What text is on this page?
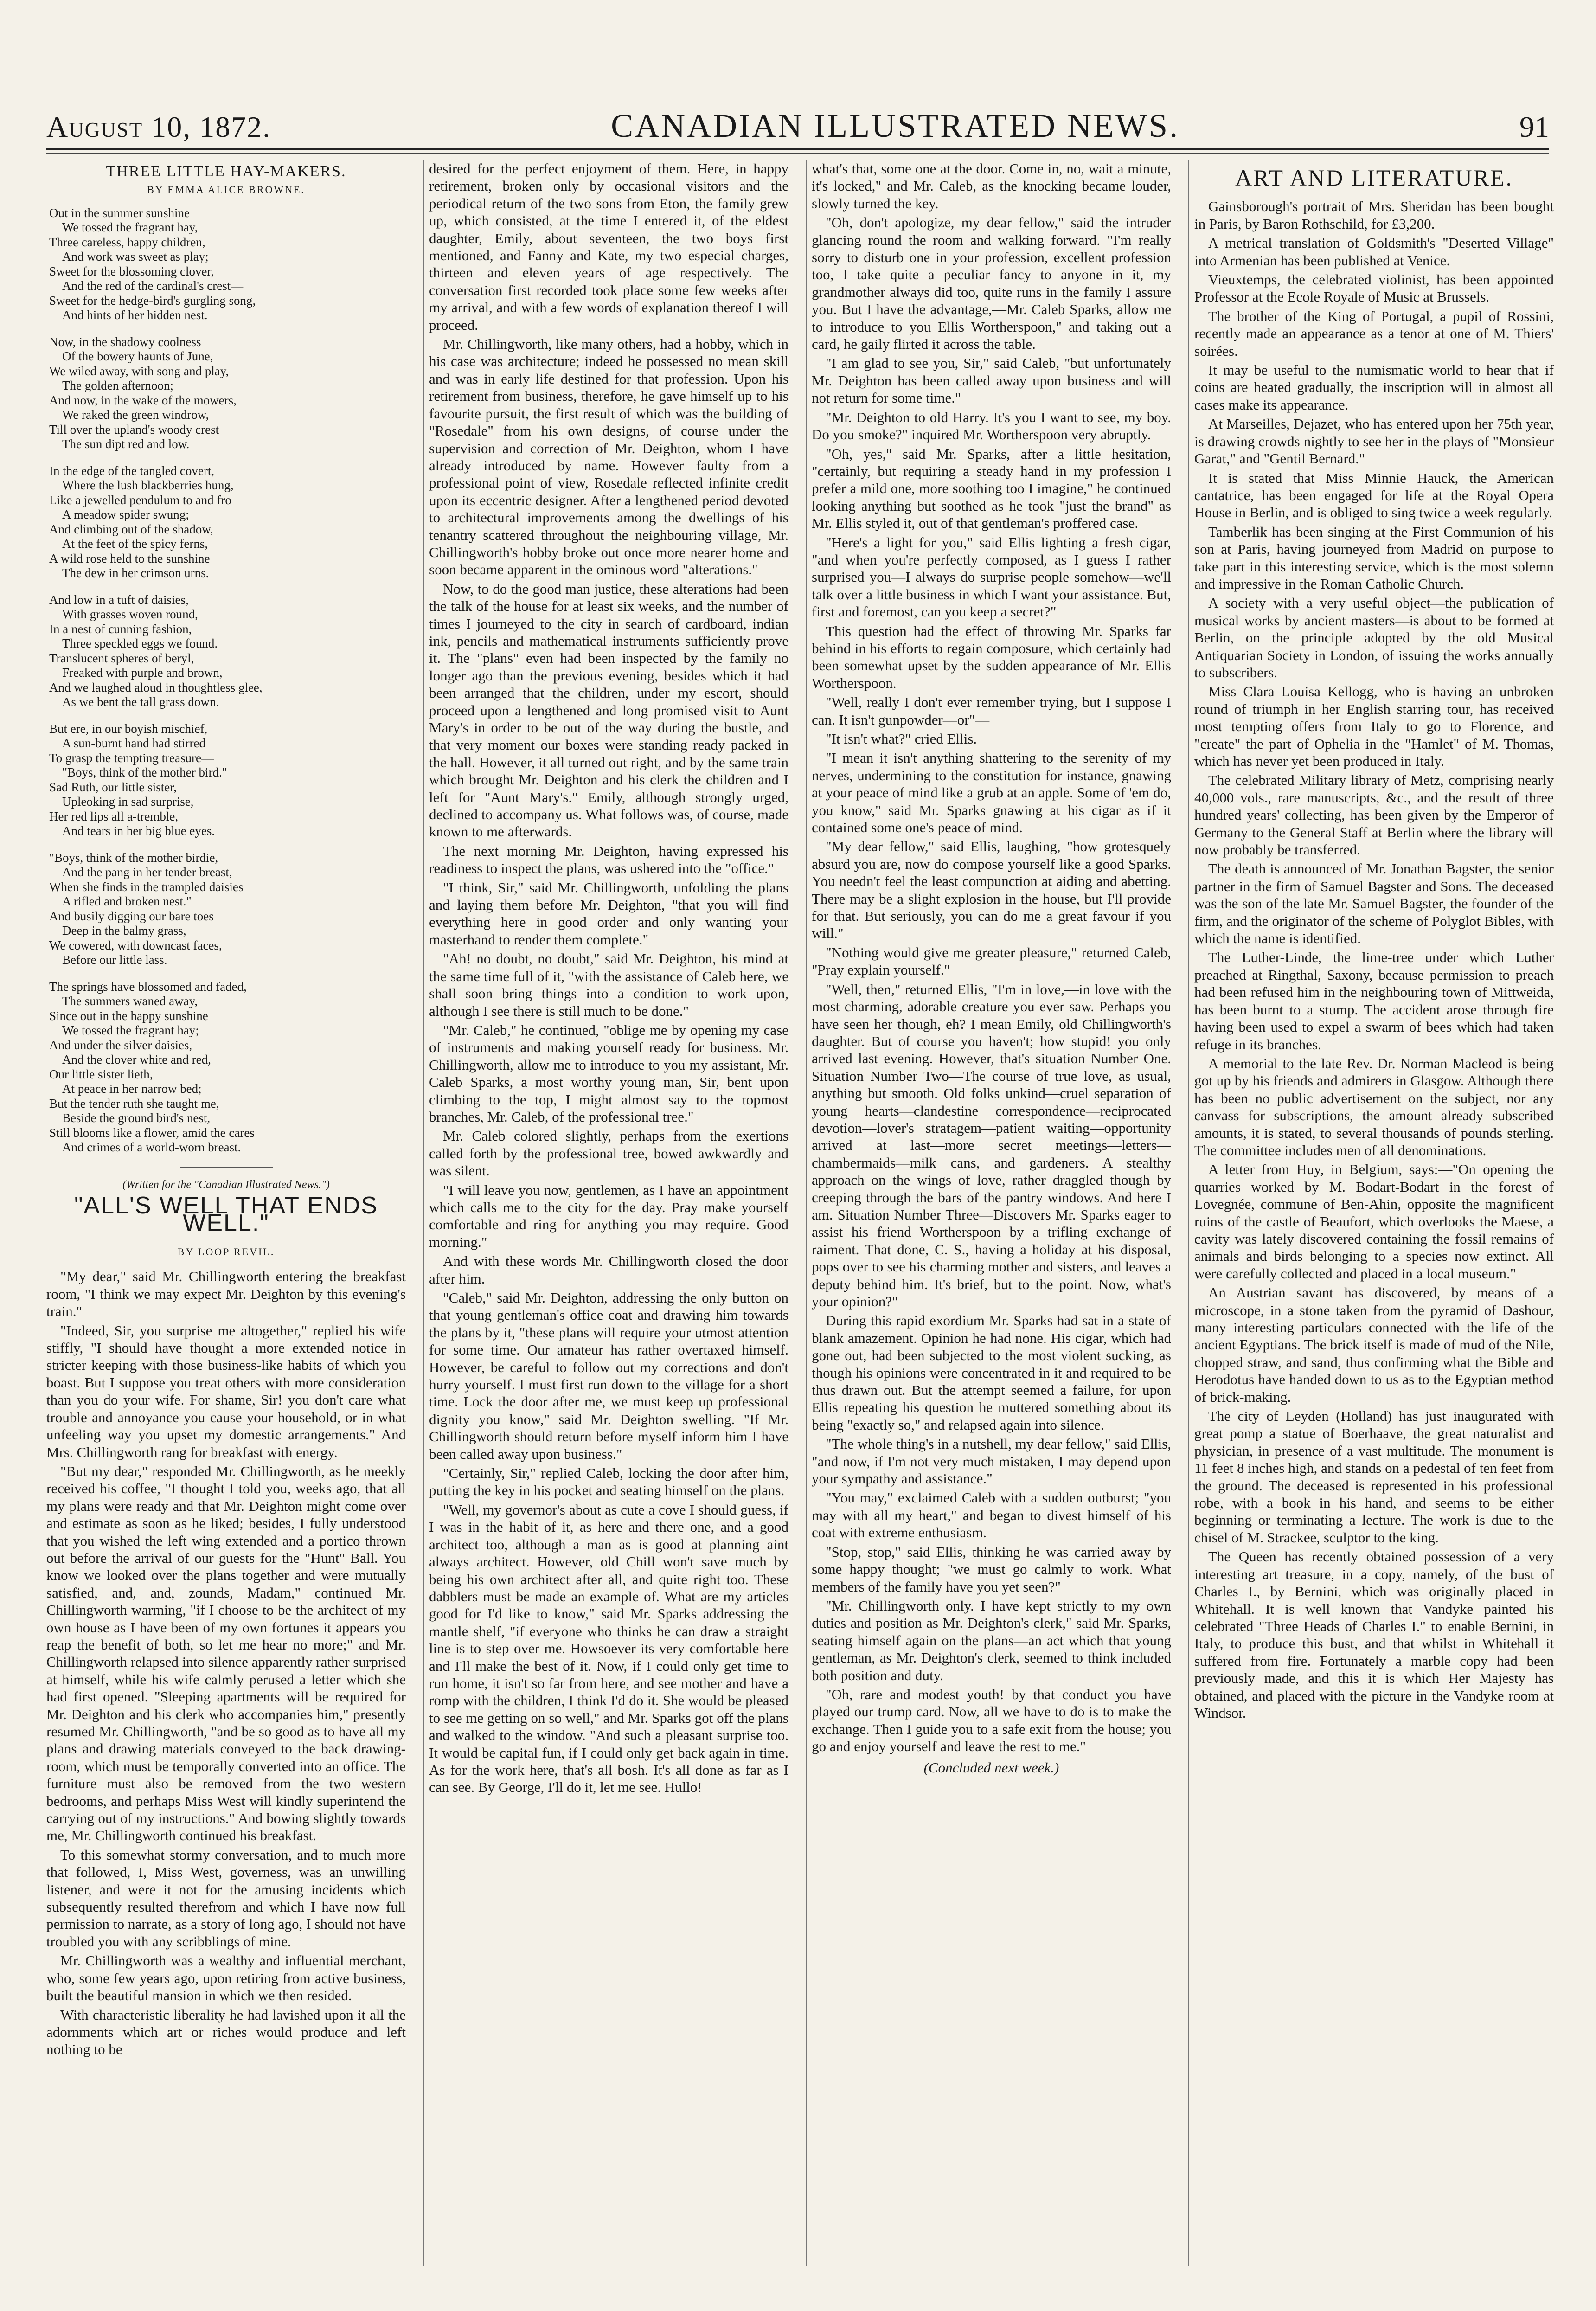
August 10, 1872.	CANADIAN ILLUSTRATED NEWS.	91
THREE LITTLE HAY-MAKERS.
BY EMMA ALICE BROWNE.
Out in the summer sunshine
We tossed the fragrant hay,
Three careless, happy children,
And work was sweet as play;
Sweet for the blossoming clover,
And the red of the cardinal's crest—
Sweet for the hedge-bird's gurgling song,
And hints of her hidden nest.
Now, in the shadowy coolness
Of the bowery haunts of June,
We wiled away, with song and play,
The golden afternoon;
And now, in the wake of the mowers,
We raked the green windrow,
Till over the upland's woody crest
The sun dipt red and low.
In the edge of the tangled covert,
Where the lush blackberries hung,
Like a jewelled pendulum to and fro
A meadow spider swung;
And climbing out of the shadow,
At the feet of the spicy ferns,
A wild rose held to the sunshine
The dew in her crimson urns.
And low in a tuft of daisies,
With grasses woven round,
In a nest of cunning fashion,
Three speckled eggs we found.
Translucent spheres of beryl,
Freaked with purple and brown,
And we laughed aloud in thoughtless glee,
As we bent the tall grass down.
But ere, in our boyish mischief,
A sun-burnt hand had stirred
To grasp the tempting treasure—
"Boys, think of the mother bird."
Sad Ruth, our little sister,
Upleoking in sad surprise,
Her red lips all a-tremble,
And tears in her big blue eyes.
"Boys, think of the mother birdie,
And the pang in her tender breast,
When she finds in the trampled daisies
A rifled and broken nest."
And busily digging our bare toes
Deep in the balmy grass,
We cowered, with downcast faces,
Before our little lass.
The springs have blossomed and faded,
The summers waned away,
Since out in the happy sunshine
We tossed the fragrant hay;
And under the silver daisies,
And the clover white and red,
Our little sister lieth,
At peace in her narrow bed;
But the tender ruth she taught me,
Beside the ground bird's nest,
Still blooms like a flower, amid the cares
And crimes of a world-worn breast.
(Written for the "Canadian Illustrated News.")
"ALL'S WELL THAT ENDS WELL."
BY LOOP REVIL.

"My dear," said Mr. Chillingworth entering the breakfast room, "I think we may expect Mr. Deighton by this evening's train."

"Indeed, Sir, you surprise me altogether," replied his wife stiffly, "I should have thought a more extended notice in stricter keeping with those business-like habits of which you boast. But I suppose you treat others with more consideration than you do your wife. For shame, Sir! you don't care what trouble and annoyance you cause your household, or in what unfeeling way you upset my domestic arrangements." And Mrs. Chillingworth rang for breakfast with energy.

"But my dear," responded Mr. Chillingworth, as he meekly received his coffee, "I thought I told you, weeks ago, that all my plans were ready and that Mr. Deighton might come over and estimate as soon as he liked; besides, I fully understood that you wished the left wing extended and a portico thrown out before the arrival of our guests for the "Hunt" Ball. You know we looked over the plans together and were mutually satisfied, and, and, zounds, Madam," continued Mr. Chillingworth warming, "if I choose to be the architect of my own house as I have been of my own fortunes it appears you reap the benefit of both, so let me hear no more;" and Mr. Chillingworth relapsed into silence apparently rather surprised at himself, while his wife calmly perused a letter which she had first opened. "Sleeping apartments will be required for Mr. Deighton and his clerk who accompanies him," presently resumed Mr. Chillingworth, "and be so good as to have all my plans and drawing materials conveyed to the back drawing-room, which must be temporally converted into an office. The furniture must also be removed from the two western bedrooms, and perhaps Miss West will kindly superintend the carrying out of my instructions." And bowing slightly towards me, Mr. Chillingworth continued his breakfast.

To this somewhat stormy conversation, and to much more that followed, I, Miss West, governess, was an unwilling listener, and were it not for the amusing incidents which subsequently resulted therefrom and which I have now full permission to narrate, as a story of long ago, I should not have troubled you with any scribblings of mine.

Mr. Chillingworth was a wealthy and influential merchant, who, some few years ago, upon retiring from active business, built the beautiful mansion in which we then resided.

With characteristic liberality he had lavished upon it all the adornments which art or riches would produce and left nothing to be

desired for the perfect enjoyment of them. Here, in happy retirement, broken only by occasional visitors and the periodical return of the two sons from Eton, the family grew up, which consisted, at the time I entered it, of the eldest daughter, Emily, about seventeen, the two boys first mentioned, and Fanny and Kate, my two especial charges, thirteen and eleven years of age respectively. The conversation first recorded took place some few weeks after my arrival, and with a few words of explanation thereof I will proceed.

Mr. Chillingworth, like many others, had a hobby, which in his case was architecture; indeed he possessed no mean skill and was in early life destined for that profession. Upon his retirement from business, therefore, he gave himself up to his favourite pursuit, the first result of which was the building of "Rosedale" from his own designs, of course under the supervision and correction of Mr. Deighton, whom I have already introduced by name. However faulty from a professional point of view, Rosedale reflected infinite credit upon its eccentric designer. After a lengthened period devoted to architectural improvements among the dwellings of his tenantry scattered throughout the neighbouring village, Mr. Chillingworth's hobby broke out once more nearer home and soon became apparent in the ominous word "alterations."

Now, to do the good man justice, these alterations had been the talk of the house for at least six weeks, and the number of times I journeyed to the city in search of cardboard, indian ink, pencils and mathematical instruments sufficiently prove it. The "plans" even had been inspected by the family no longer ago than the previous evening, besides which it had been arranged that the children, under my escort, should proceed upon a lengthened and long promised visit to Aunt Mary's in order to be out of the way during the bustle, and that very moment our boxes were standing ready packed in the hall. However, it all turned out right, and by the same train which brought Mr. Deighton and his clerk the children and I left for "Aunt Mary's." Emily, although strongly urged, declined to accompany us. What follows was, of course, made known to me afterwards.

The next morning Mr. Deighton, having expressed his readiness to inspect the plans, was ushered into the "office."

"I think, Sir," said Mr. Chillingworth, unfolding the plans and laying them before Mr. Deighton, "that you will find everything here in good order and only wanting your masterhand to render them complete."

"Ah! no doubt, no doubt," said Mr. Deighton, his mind at the same time full of it, "with the assistance of Caleb here, we shall soon bring things into a condition to work upon, although I see there is still much to be done."

"Mr. Caleb," he continued, "oblige me by opening my case of instruments and making yourself ready for business. Mr. Chillingworth, allow me to introduce to you my assistant, Mr. Caleb Sparks, a most worthy young man, Sir, bent upon climbing to the top, I might almost say to the topmost branches, Mr. Caleb, of the professional tree."

Mr. Caleb colored slightly, perhaps from the exertions called forth by the professional tree, bowed awkwardly and was silent.

"I will leave you now, gentlemen, as I have an appointment which calls me to the city for the day. Pray make yourself comfortable and ring for anything you may require. Good morning."

And with these words Mr. Chillingworth closed the door after him.

"Caleb," said Mr. Deighton, addressing the only button on that young gentleman's office coat and drawing him towards the plans by it, "these plans will require your utmost attention for some time. Our amateur has rather overtaxed himself. However, be careful to follow out my corrections and don't hurry yourself. I must first run down to the village for a short time. Lock the door after me, we must keep up professional dignity you know," said Mr. Deighton swelling. "If Mr. Chillingworth should return before myself inform him I have been called away upon business."

"Certainly, Sir," replied Caleb, locking the door after him, putting the key in his pocket and seating himself on the plans.

"Well, my governor's about as cute a cove I should guess, if I was in the habit of it, as here and there one, and a good architect too, although a man as is good at planning aint always architect. However, old Chill won't save much by being his own architect after all, and quite right too. These dabblers must be made an example of. What are my articles good for I'd like to know," said Mr. Sparks addressing the mantle shelf, "if everyone who thinks he can draw a straight line is to step over me. Howsoever its very comfortable here and I'll make the best of it. Now, if I could only get time to run home, it isn't so far from here, and see mother and have a romp with the children, I think I'd do it. She would be pleased to see me getting on so well," and Mr. Sparks got off the plans and walked to the window. "And such a pleasant surprise too. It would be capital fun, if I could only get back again in time. As for the work here, that's all bosh. It's all done as far as I can see. By George, I'll do it, let me see. Hullo!

what's that, some one at the door. Come in, no, wait a minute, it's locked," and Mr. Caleb, as the knocking became louder, slowly turned the key.

"Oh, don't apologize, my dear fellow," said the intruder glancing round the room and walking forward. "I'm really sorry to disturb one in your profession, excellent profession too, I take quite a peculiar fancy to anyone in it, my grandmother always did too, quite runs in the family I assure you. But I have the advantage,—Mr. Caleb Sparks, allow me to introduce to you Ellis Wortherspoon," and taking out a card, he gaily flirted it across the table.

"I am glad to see you, Sir," said Caleb, "but unfortunately Mr. Deighton has been called away upon business and will not return for some time."

"Mr. Deighton to old Harry. It's you I want to see, my boy. Do you smoke?" inquired Mr. Wortherspoon very abruptly.

"Oh, yes," said Mr. Sparks, after a little hesitation, "certainly, but requiring a steady hand in my profession I prefer a mild one, more soothing too I imagine," he continued looking anything but soothed as he took "just the brand" as Mr. Ellis styled it, out of that gentleman's proffered case.

"Here's a light for you," said Ellis lighting a fresh cigar, "and when you're perfectly composed, as I guess I rather surprised you—I always do surprise people somehow—we'll talk over a little business in which I want your assistance. But, first and foremost, can you keep a secret?"

This question had the effect of throwing Mr. Sparks far behind in his efforts to regain composure, which certainly had been somewhat upset by the sudden appearance of Mr. Ellis Wortherspoon.

"Well, really I don't ever remember trying, but I suppose I can. It isn't gunpowder—or"—

"It isn't what?" cried Ellis.

"I mean it isn't anything shattering to the serenity of my nerves, undermining to the constitution for instance, gnawing at your peace of mind like a grub at an apple. Some of 'em do, you know," said Mr. Sparks gnawing at his cigar as if it contained some one's peace of mind.

"My dear fellow," said Ellis, laughing, "how grotesquely absurd you are, now do compose yourself like a good Sparks. You needn't feel the least compunction at aiding and abetting. There may be a slight explosion in the house, but I'll provide for that. But seriously, you can do me a great favour if you will."

"Nothing would give me greater pleasure," returned Caleb, "Pray explain yourself."

"Well, then," returned Ellis, "I'm in love,—in love with the most charming, adorable creature you ever saw. Perhaps you have seen her though, eh? I mean Emily, old Chillingworth's daughter. But of course you haven't; how stupid! you only arrived last evening. However, that's situation Number One. Situation Number Two—The course of true love, as usual, anything but smooth. Old folks unkind—cruel separation of young hearts—clandestine correspondence—reciprocated devotion—lover's stratagem—patient waiting—opportunity arrived at last—more secret meetings—letters—chambermaids—milk cans, and gardeners. A stealthy approach on the wings of love, rather draggled though by creeping through the bars of the pantry windows. And here I am. Situation Number Three—Discovers Mr. Sparks eager to assist his friend Wortherspoon by a trifling exchange of raiment. That done, C. S., having a holiday at his disposal, pops over to see his charming mother and sisters, and leaves a deputy behind him. It's brief, but to the point. Now, what's your opinion?"

During this rapid exordium Mr. Sparks had sat in a state of blank amazement. Opinion he had none. His cigar, which had gone out, had been subjected to the most violent sucking, as though his opinions were concentrated in it and required to be thus drawn out. But the attempt seemed a failure, for upon Ellis repeating his question he muttered something about its being "exactly so," and relapsed again into silence.

"The whole thing's in a nutshell, my dear fellow," said Ellis, "and now, if I'm not very much mistaken, I may depend upon your sympathy and assistance."

"You may," exclaimed Caleb with a sudden outburst; "you may with all my heart," and began to divest himself of his coat with extreme enthusiasm.

"Stop, stop," said Ellis, thinking he was carried away by some happy thought; "we must go calmly to work. What members of the family have you yet seen?"

"Mr. Chillingworth only. I have kept strictly to my own duties and position as Mr. Deighton's clerk," said Mr. Sparks, seating himself again on the plans—an act which that young gentleman, as Mr. Deighton's clerk, seemed to think included both position and duty.

"Oh, rare and modest youth! by that conduct you have played our trump card. Now, all we have to do is to make the exchange. Then I guide you to a safe exit from the house; you go and enjoy yourself and leave the rest to me."

(Concluded next week.)
ART AND LITERATURE.

Gainsborough's portrait of Mrs. Sheridan has been bought in Paris, by Baron Rothschild, for £3,200.

A metrical translation of Goldsmith's "Deserted Village" into Armenian has been published at Venice.

Vieuxtemps, the celebrated violinist, has been appointed Professor at the Ecole Royale of Music at Brussels.

The brother of the King of Portugal, a pupil of Rossini, recently made an appearance as a tenor at one of M. Thiers' soirées.

It may be useful to the numismatic world to hear that if coins are heated gradually, the inscription will in almost all cases make its appearance.

At Marseilles, Dejazet, who has entered upon her 75th year, is drawing crowds nightly to see her in the plays of "Monsieur Garat," and "Gentil Bernard."

It is stated that Miss Minnie Hauck, the American cantatrice, has been engaged for life at the Royal Opera House in Berlin, and is obliged to sing twice a week regularly.

Tamberlik has been singing at the First Communion of his son at Paris, having journeyed from Madrid on purpose to take part in this interesting service, which is the most solemn and impressive in the Roman Catholic Church.

A society with a very useful object—the publication of musical works by ancient masters—is about to be formed at Berlin, on the principle adopted by the old Musical Antiquarian Society in London, of issuing the works annually to subscribers.

Miss Clara Louisa Kellogg, who is having an unbroken round of triumph in her English starring tour, has received most tempting offers from Italy to go to Florence, and "create" the part of Ophelia in the "Hamlet" of M. Thomas, which has never yet been produced in Italy.

The celebrated Military library of Metz, comprising nearly 40,000 vols., rare manuscripts, &c., and the result of three hundred years' collecting, has been given by the Emperor of Germany to the General Staff at Berlin where the library will now probably be transferred.

The death is announced of Mr. Jonathan Bagster, the senior partner in the firm of Samuel Bagster and Sons. The deceased was the son of the late Mr. Samuel Bagster, the founder of the firm, and the originator of the scheme of Polyglot Bibles, with which the name is identified.

The Luther-Linde, the lime-tree under which Luther preached at Ringthal, Saxony, because permission to preach had been refused him in the neighbouring town of Mittweida, has been burnt to a stump. The accident arose through fire having been used to expel a swarm of bees which had taken refuge in its branches.

A memorial to the late Rev. Dr. Norman Macleod is being got up by his friends and admirers in Glasgow. Although there has been no public advertisement on the subject, nor any canvass for subscriptions, the amount already subscribed amounts, it is stated, to several thousands of pounds sterling. The committee includes men of all denominations.

A letter from Huy, in Belgium, says:—"On opening the quarries worked by M. Bodart-Bodart in the forest of Lovegnée, commune of Ben-Ahin, opposite the magnificent ruins of the castle of Beaufort, which overlooks the Maese, a cavity was lately discovered containing the fossil remains of animals and birds belonging to a species now extinct. All were carefully collected and placed in a local museum."

An Austrian savant has discovered, by means of a microscope, in a stone taken from the pyramid of Dashour, many interesting particulars connected with the life of the ancient Egyptians. The brick itself is made of mud of the Nile, chopped straw, and sand, thus confirming what the Bible and Herodotus have handed down to us as to the Egyptian method of brick-making.

The city of Leyden (Holland) has just inaugurated with great pomp a statue of Boerhaave, the great naturalist and physician, in presence of a vast multitude. The monument is 11 feet 8 inches high, and stands on a pedestal of ten feet from the ground. The deceased is represented in his professional robe, with a book in his hand, and seems to be either beginning or terminating a lecture. The work is due to the chisel of M. Strackee, sculptor to the king.

The Queen has recently obtained possession of a very interesting art treasure, in a copy, namely, of the bust of Charles I., by Bernini, which was originally placed in Whitehall. It is well known that Vandyke painted his celebrated "Three Heads of Charles I." to enable Bernini, in Italy, to produce this bust, and that whilst in Whitehall it suffered from fire. Fortunately a marble copy had been previously made, and this it is which Her Majesty has obtained, and placed with the picture in the Vandyke room at Windsor.
